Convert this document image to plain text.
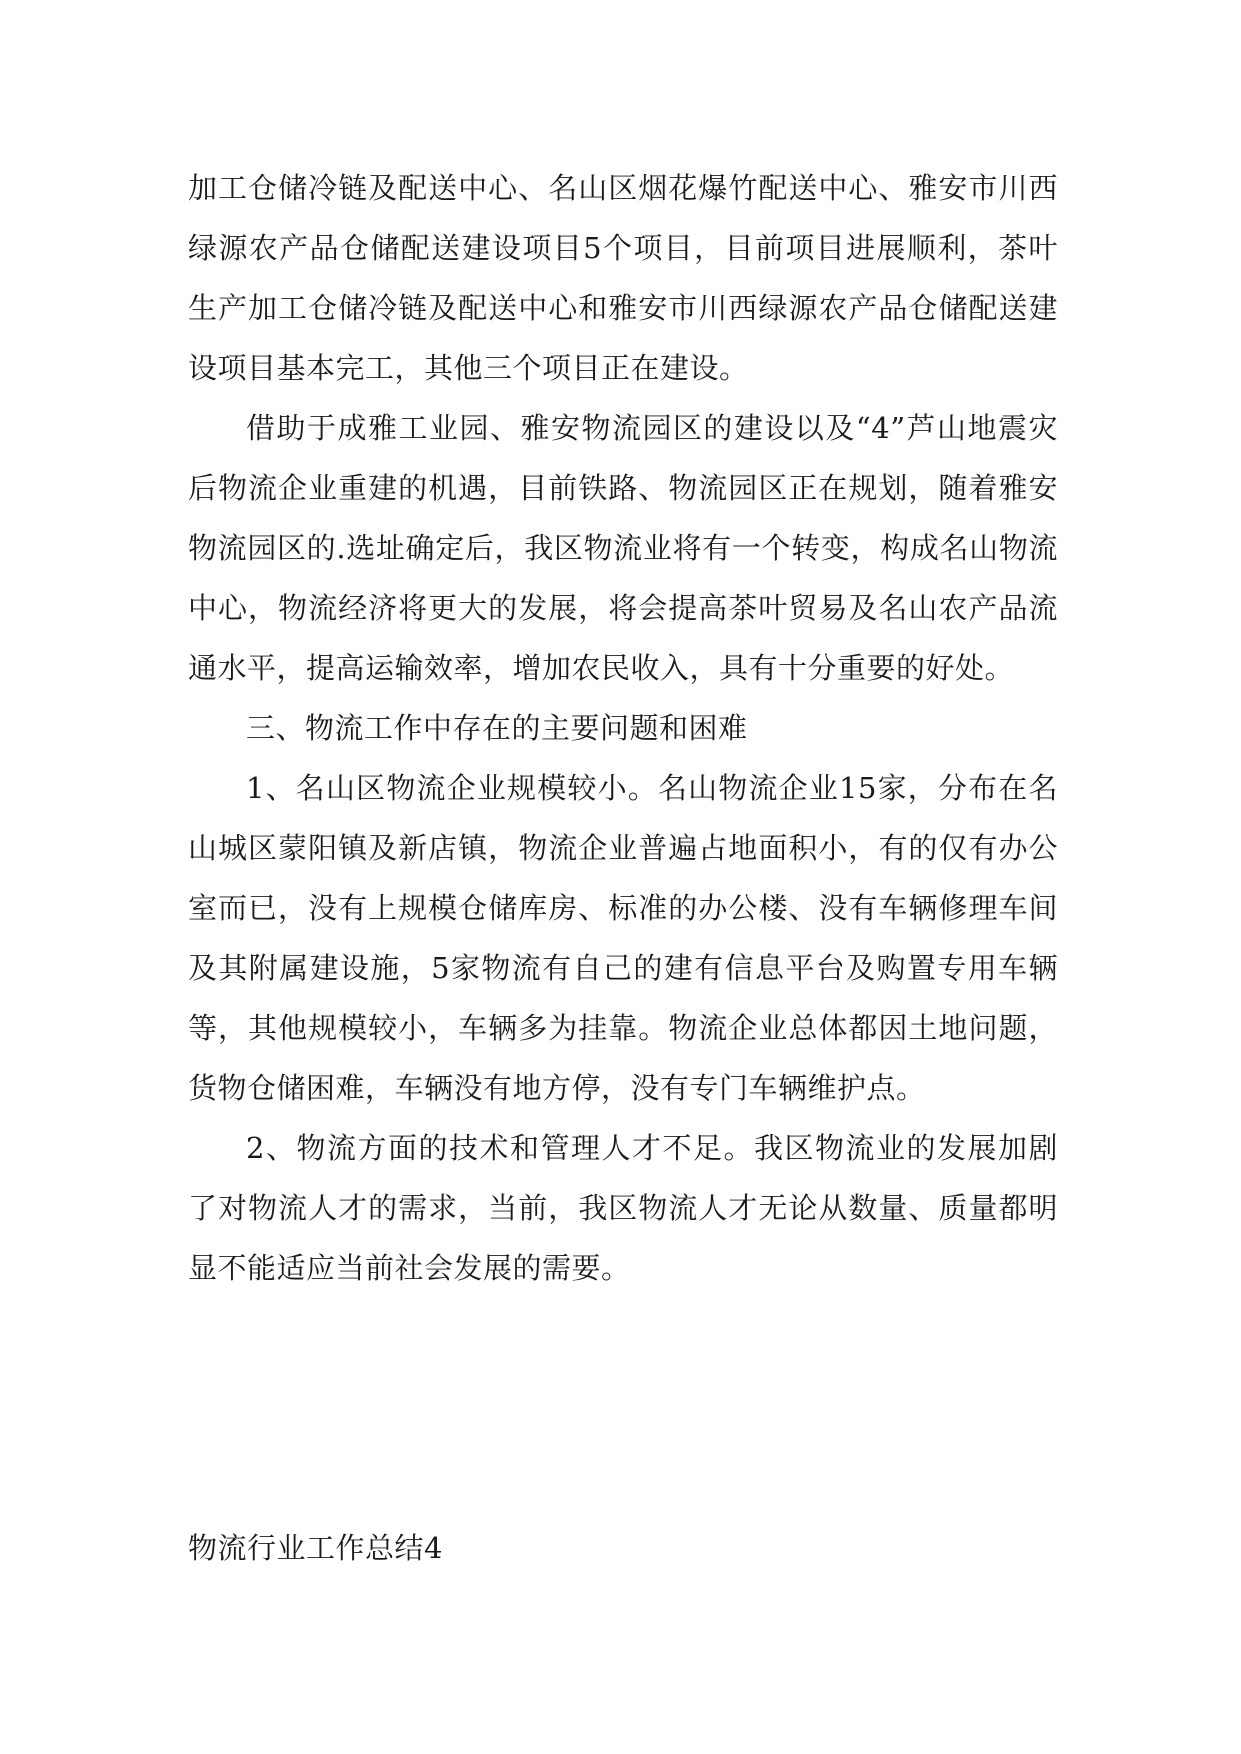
加工仓储冷链及配送中心、名山区烟花爆竹配送中心、雅安市川西绿源农产品仓储配送建设项目5个项目，目前项目进展顺利，茶叶生产加工仓储冷链及配送中心和雅安市川西绿源农产品仓储配送建设项目基本完工，其他三个项目正在建设。

借助于成雅工业园、雅安物流园区的建设以及“4”芦山地震灾后物流企业重建的机遇，目前铁路、物流园区正在规划，随着雅安物流园区的.选址确定后，我区物流业将有一个转变，构成名山物流中心，物流经济将更大的发展，将会提高茶叶贸易及名山农产品流通水平，提高运输效率，增加农民收入，具有十分重要的好处。

三、物流工作中存在的主要问题和困难

1、名山区物流企业规模较小。名山物流企业15家，分布在名山城区蒙阳镇及新店镇，物流企业普遍占地面积小，有的仅有办公室而已，没有上规模仓储库房、标准的办公楼、没有车辆修理车间及其附属建设施，5家物流有自己的建有信息平台及购置专用车辆等，其他规模较小，车辆多为挂靠。物流企业总体都因土地问题，货物仓储困难，车辆没有地方停，没有专门车辆维护点。

2、物流方面的技术和管理人才不足。我区物流业的发展加剧了对物流人才的需求，当前，我区物流人才无论从数量、质量都明显不能适应当前社会发展的需要。

物流行业工作总结4
